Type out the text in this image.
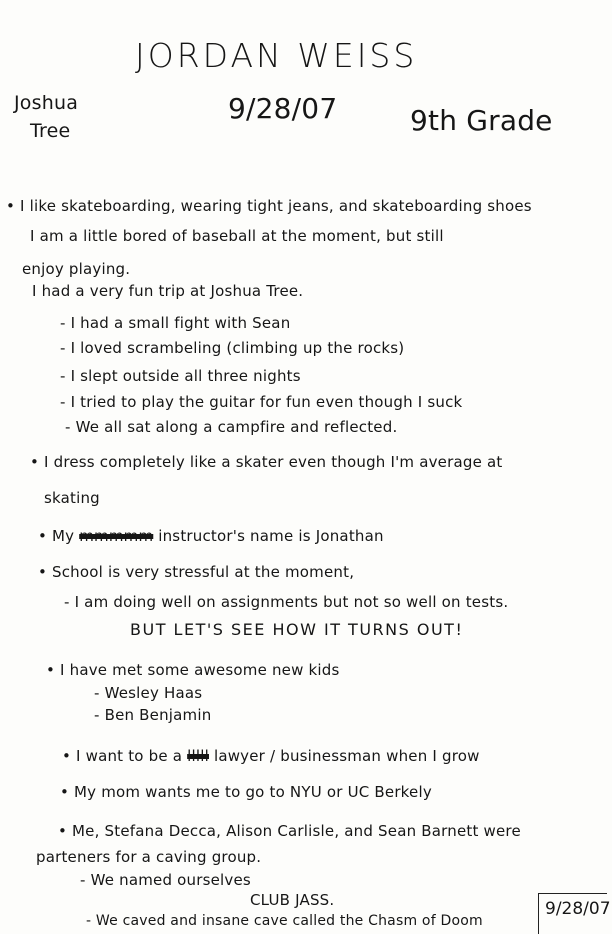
JORDAN WEISS
Joshua
Tree
9/28/07	9th Grade
• I like skateboarding, wearing tight jeans, and skateboarding shoes
I am a little bored of baseball at the moment, but still
enjoy playing.
I had a very fun trip at Joshua Tree.
- I had a small fight with Sean
- I loved scrambeling (climbing up the rocks)
- I slept outside all three nights
- I tried to play the guitar for fun even though I suck
- We all sat along a campfire and reflected.
• I dress completely like a skater even though I'm average at
skating
• My mmmmm instructor's name is Jonathan
• School is very stressful at the moment,
- I am doing well on assignments but not so well on tests.
BUT LET'S SEE HOW IT TURNS OUT!
• I have met some awesome new kids
- Wesley Haas
- Ben Benjamin
• I want to be a lllll lawyer / businessman when I grow
• My mom wants me to go to NYU or UC Berkely
• Me, Stefana Decca, Alison Carlisle, and Sean Barnett were
parteners for a caving group.
- We named ourselves
CLUB JASS.
- We caved and insane cave called the Chasm of Doom
9/28/07
